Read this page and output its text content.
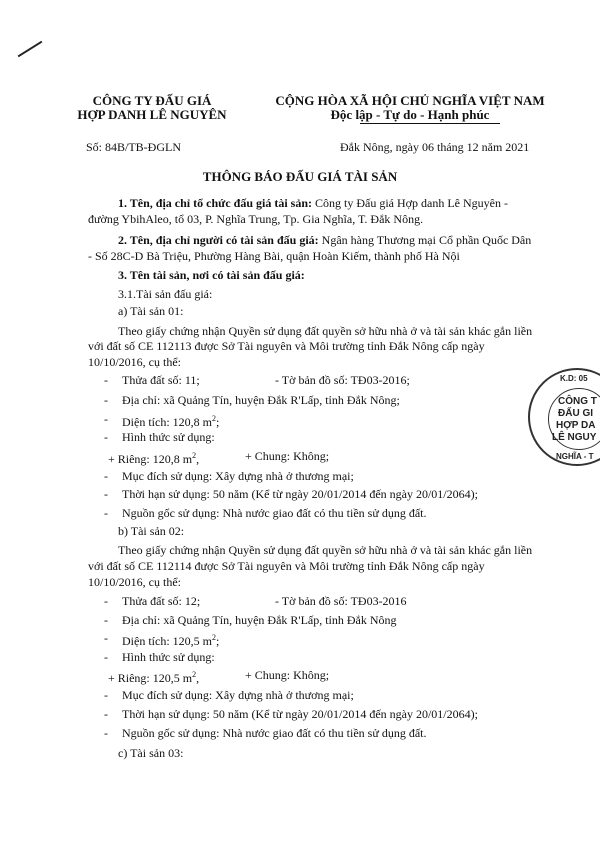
CÔNG TY ĐẤU GIÁ
HỢP DANH LÊ NGUYÊN
CỘNG HÒA XÃ HỘI CHỦ NGHĨA VIỆT NAM
Độc lập - Tự do - Hạnh phúc
Số: 84B/TB-ĐGLN	Đắk Nông, ngày 06 tháng 12 năm 2021
THÔNG BÁO ĐẤU GIÁ TÀI SẢN
1. Tên, địa chỉ tổ chức đấu giá tài sản: Công ty Đấu giá Hợp danh Lê Nguyên -
đường YbihAleo, tổ 03, P. Nghĩa Trung, Tp. Gia Nghĩa, T. Đắk Nông.
2. Tên, địa chỉ người có tài sản đấu giá: Ngân hàng Thương mại Cổ phần Quốc Dân
- Số 28C-D Bà Triệu, Phường Hàng Bài, quận Hoàn Kiếm, thành phố Hà Nội
3. Tên tài sản, nơi có tài sản đấu giá:
3.1.Tài sản đấu giá:
a) Tài sản 01:
Theo giấy chứng nhận Quyền sử dụng đất quyền sở hữu nhà ở và tài sản khác gắn liền
với đất số CE 112113 được Sở Tài nguyên và Môi trường tỉnh Đắk Nông cấp ngày
10/10/2016, cụ thể:
- Thửa đất số: 11;	- Tờ bản đồ số: TĐ03-2016;
- Địa chỉ: xã Quảng Tín, huyện Đắk R'Lấp, tỉnh Đắk Nông;
- Diện tích: 120,8 $m^2$;
- Hình thức sử dụng:
+ Riêng: 120,8 $m^2$,	+ Chung: Không;
- Mục đích sử dụng: Xây dựng nhà ở thương mại;
- Thời hạn sử dụng: 50 năm (Kể từ ngày 20/01/2014 đến ngày 20/01/2064);
- Nguồn gốc sử dụng: Nhà nước giao đất có thu tiền sử dụng đất.
b) Tài sản 02:
Theo giấy chứng nhận Quyền sử dụng đất quyền sở hữu nhà ở và tài sản khác gắn liền
với đất số CE 112114 được Sở Tài nguyên và Môi trường tỉnh Đắk Nông cấp ngày
10/10/2016, cụ thể:
- Thửa đất số: 12;	- Tờ bản đồ số: TĐ03-2016
- Địa chỉ: xã Quảng Tín, huyện Đắk R'Lấp, tỉnh Đắk Nông
- Diện tích: 120,5 $m^2$;
- Hình thức sử dụng:
+ Riêng: 120,5 $m^2$,	+ Chung: Không;
- Mục đích sử dụng: Xây dựng nhà ở thương mại;
- Thời hạn sử dụng: 50 năm (Kể từ ngày 20/01/2014 đến ngày 20/01/2064);
- Nguồn gốc sử dụng: Nhà nước giao đất có thu tiền sử dụng đất.
c) Tài sản 03:
K.D: 05
CÔNG T
ĐẤU GI
HỢP DA
LÊ NGUY
NGHĨA - T
